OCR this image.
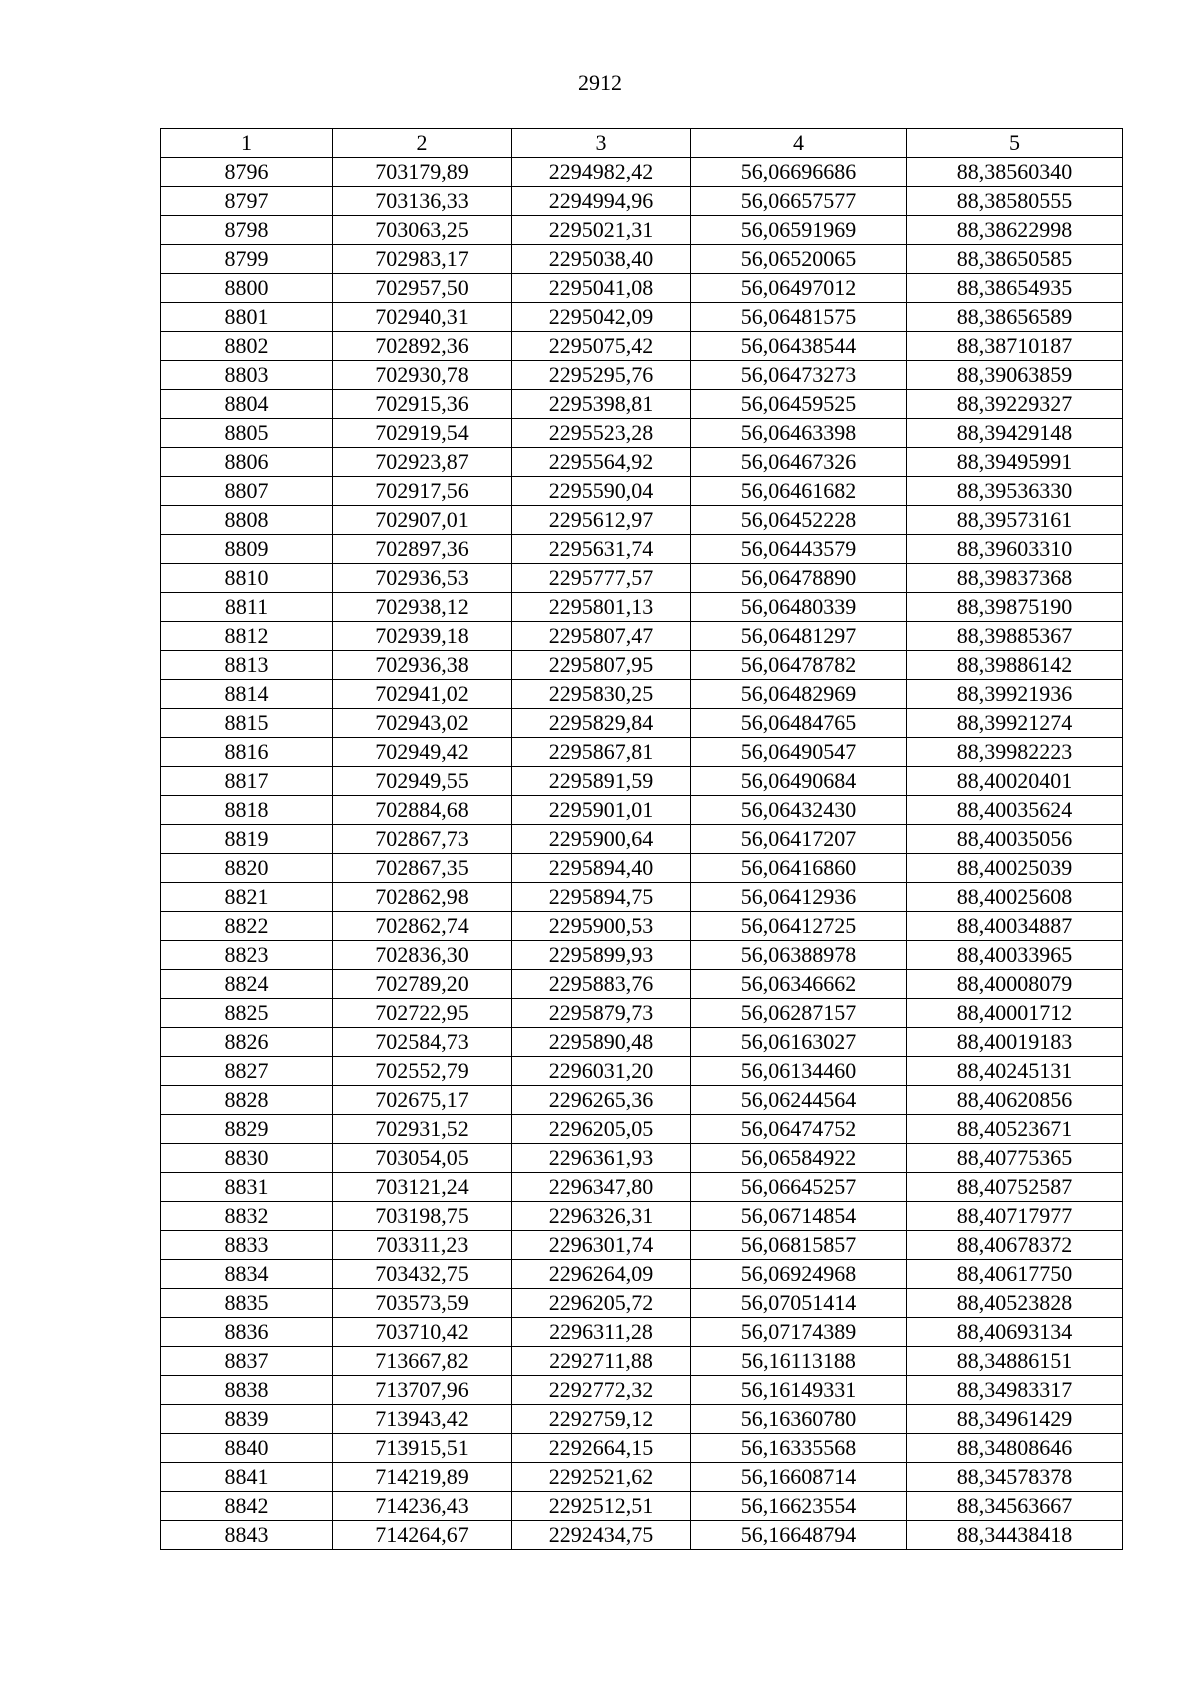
2912
1	2	3	4	5
8796	703179,89	2294982,42	56,06696686	88,38560340
8797	703136,33	2294994,96	56,06657577	88,38580555
8798	703063,25	2295021,31	56,06591969	88,38622998
8799	702983,17	2295038,40	56,06520065	88,38650585
8800	702957,50	2295041,08	56,06497012	88,38654935
8801	702940,31	2295042,09	56,06481575	88,38656589
8802	702892,36	2295075,42	56,06438544	88,38710187
8803	702930,78	2295295,76	56,06473273	88,39063859
8804	702915,36	2295398,81	56,06459525	88,39229327
8805	702919,54	2295523,28	56,06463398	88,39429148
8806	702923,87	2295564,92	56,06467326	88,39495991
8807	702917,56	2295590,04	56,06461682	88,39536330
8808	702907,01	2295612,97	56,06452228	88,39573161
8809	702897,36	2295631,74	56,06443579	88,39603310
8810	702936,53	2295777,57	56,06478890	88,39837368
8811	702938,12	2295801,13	56,06480339	88,39875190
8812	702939,18	2295807,47	56,06481297	88,39885367
8813	702936,38	2295807,95	56,06478782	88,39886142
8814	702941,02	2295830,25	56,06482969	88,39921936
8815	702943,02	2295829,84	56,06484765	88,39921274
8816	702949,42	2295867,81	56,06490547	88,39982223
8817	702949,55	2295891,59	56,06490684	88,40020401
8818	702884,68	2295901,01	56,06432430	88,40035624
8819	702867,73	2295900,64	56,06417207	88,40035056
8820	702867,35	2295894,40	56,06416860	88,40025039
8821	702862,98	2295894,75	56,06412936	88,40025608
8822	702862,74	2295900,53	56,06412725	88,40034887
8823	702836,30	2295899,93	56,06388978	88,40033965
8824	702789,20	2295883,76	56,06346662	88,40008079
8825	702722,95	2295879,73	56,06287157	88,40001712
8826	702584,73	2295890,48	56,06163027	88,40019183
8827	702552,79	2296031,20	56,06134460	88,40245131
8828	702675,17	2296265,36	56,06244564	88,40620856
8829	702931,52	2296205,05	56,06474752	88,40523671
8830	703054,05	2296361,93	56,06584922	88,40775365
8831	703121,24	2296347,80	56,06645257	88,40752587
8832	703198,75	2296326,31	56,06714854	88,40717977
8833	703311,23	2296301,74	56,06815857	88,40678372
8834	703432,75	2296264,09	56,06924968	88,40617750
8835	703573,59	2296205,72	56,07051414	88,40523828
8836	703710,42	2296311,28	56,07174389	88,40693134
8837	713667,82	2292711,88	56,16113188	88,34886151
8838	713707,96	2292772,32	56,16149331	88,34983317
8839	713943,42	2292759,12	56,16360780	88,34961429
8840	713915,51	2292664,15	56,16335568	88,34808646
8841	714219,89	2292521,62	56,16608714	88,34578378
8842	714236,43	2292512,51	56,16623554	88,34563667
8843	714264,67	2292434,75	56,16648794	88,34438418
